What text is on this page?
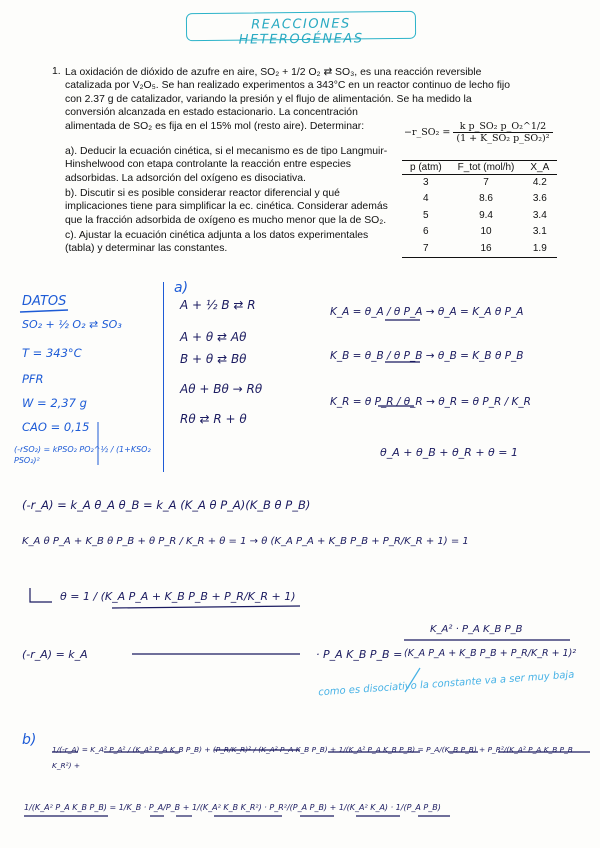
REACCIONES HETEROGÉNEAS
1. La oxidación de dióxido de azufre en aire, SO₂ + 1/2 O₂ ⇄ SO₃, es una reacción reversible

catalizada por V₂O₅. Se han realizado experimentos a 343°C en un reactor continuo de lecho fijo

con 2.37 g de catalizador, variando la presión y el flujo de alimentación. Se ha medido la

conversión alcanzada en estado estacionario. La concentración

alimentada de SO₂ es fija en el 15% mol (resto aire). Determinar:

a). Deducir la ecuación cinética, si el mecanismo es de tipo Langmuir-

Hinshelwood con etapa controlante la reacción entre especies

adsorbidas. La adsorción del oxígeno es disociativa.

b). Discutir si es posible considerar reactor diferencial y qué

implicaciones tiene para simplificar la ec. cinética. Considerar además

que la fracción adsorbida de oxígeno es mucho menor que la de SO₂.

c). Ajustar la ecuación cinética adjunta a los datos experimentales

(tabla) y determinar las constantes.

−r_SO₂ = $\frac{\text{k p\_SO₂ p\_O₂\textasciicircum{}1/2}}{\text{(1 + K\_SO₂ p\_SO₂)²}}$
p (atm)	F_tot (mol/h)	X_A
3	7	4.2
4	8.6	3.6
5	9.4	3.4
6	10	3.1
7	16	1.9
DATOS
SO₂ + ½ O₂ ⇄ SO₃
T = 343°C
PFR
W = 2,37 g
CAO = 0,15
(-rSO₂) = kPSO₂ PO₂^½ / (1+KSO₂ PSO₂)²
a)
A + ½ B ⇄ R
A + θ ⇄ Aθ
B + θ ⇄ Bθ
Aθ + Bθ → Rθ
Rθ ⇄ R + θ
K_A = θ_A / θ P_A → θ_A = K_A θ P_A
K_B = θ_B / θ P_B → θ_B = K_B θ P_B
K_R = θ P_R / θ_R → θ_R = θ P_R / K_R
θ_A + θ_B + θ_R + θ = 1
(-r_A) = k_A θ_A θ_B = k_A (K_A θ P_A)(K_B θ P_B)
K_A θ P_A + K_B θ P_B + θ P_R / K_R + θ = 1 → θ (K_A P_A + K_B P_B + P_R/K_R + 1) = 1
θ = 1 / (K_A P_A + K_B P_B + P_R/K_R + 1)
(-r_A) = k_A	· P_A K_B P_B =
K_A² · P_A K_B P_B
(K_A P_A + K_B P_B + P_R/K_R + 1)²
como es disociativo la constante va a ser muy baja
b)
1/(-r_A) = K_A² P_A² / (K_A² P_A K_B P_B) + (P_R/K_R)² / (K_A² P_A K_B P_B) + 1/(K_A² P_A K_B P_B) = P_A/(K_B P_B) + P_R²/(K_A² P_A K_B P_B K_R²) +
1/(K_A² P_A K_B P_B) = 1/K_B · P_A/P_B + 1/(K_A² K_B K_R²) · P_R²/(P_A P_B) + 1/(K_A² K_A) · 1/(P_A P_B)
